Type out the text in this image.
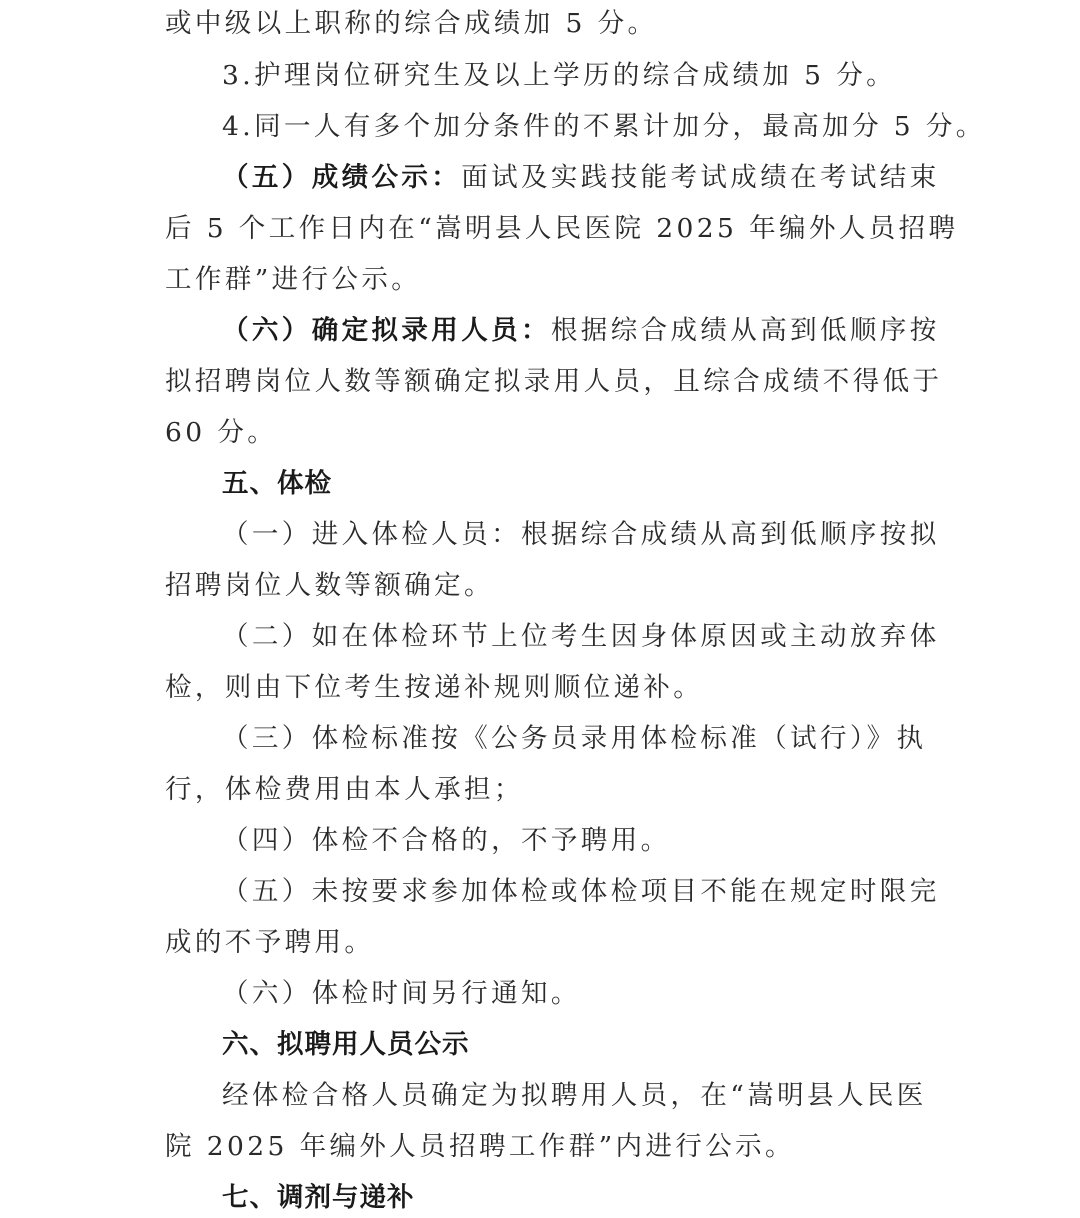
或中级以上职称的综合成绩加 5 分。
3.护理岗位研究生及以上学历的综合成绩加 5 分。
4.同一人有多个加分条件的不累计加分，最高加分 5 分。
（五）成绩公示：面试及实践技能考试成绩在考试结束
后 5 个工作日内在“嵩明县人民医院 2025 年编外人员招聘
工作群”进行公示。
（六）确定拟录用人员：根据综合成绩从高到低顺序按
拟招聘岗位人数等额确定拟录用人员，且综合成绩不得低于
60 分。
五、体检
（一）进入体检人员：根据综合成绩从高到低顺序按拟
招聘岗位人数等额确定。
（二）如在体检环节上位考生因身体原因或主动放弃体
检，则由下位考生按递补规则顺位递补。
（三）体检标准按《公务员录用体检标准（试行）》执
行，体检费用由本人承担；
（四）体检不合格的，不予聘用。
（五）未按要求参加体检或体检项目不能在规定时限完
成的不予聘用。
（六）体检时间另行通知。
六、拟聘用人员公示
经体检合格人员确定为拟聘用人员，在“嵩明县人民医
院 2025 年编外人员招聘工作群”内进行公示。
七、调剂与递补
